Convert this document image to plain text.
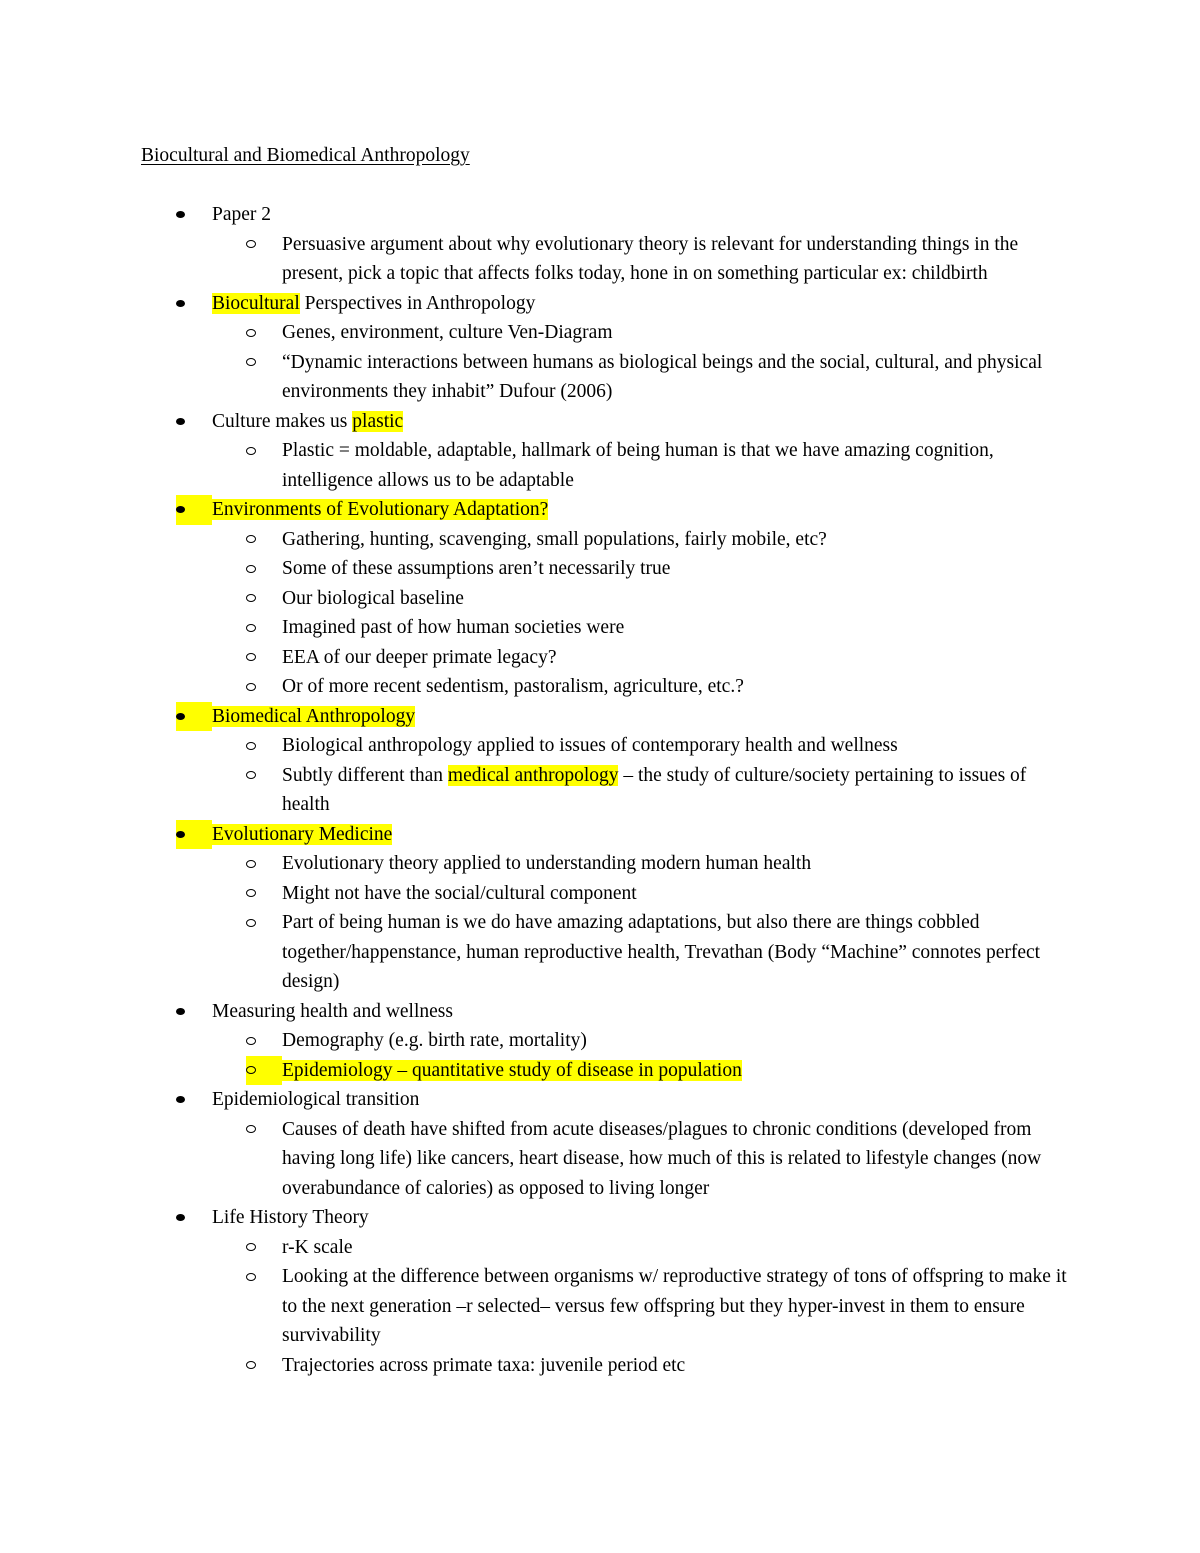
Biocultural and Biomedical Anthropology
Paper 2
Persuasive argument about why evolutionary theory is relevant for understanding things in the present, pick a topic that affects folks today, hone in on something particular ex: childbirth
Biocultural Perspectives in Anthropology
Genes, environment, culture Ven-Diagram
“Dynamic interactions between humans as biological beings and the social, cultural, and physical environments they inhabit” Dufour (2006)
Culture makes us plastic
Plastic = moldable, adaptable, hallmark of being human is that we have amazing cognition, intelligence allows us to be adaptable
Environments of Evolutionary Adaptation?
Gathering, hunting, scavenging, small populations, fairly mobile, etc?
Some of these assumptions aren’t necessarily true
Our biological baseline
Imagined past of how human societies were
EEA of our deeper primate legacy?
Or of more recent sedentism, pastoralism, agriculture, etc.?
Biomedical Anthropology
Biological anthropology applied to issues of contemporary health and wellness
Subtly different than medical anthropology – the study of culture/society pertaining to issues of health
Evolutionary Medicine
Evolutionary theory applied to understanding modern human health
Might not have the social/cultural component
Part of being human is we do have amazing adaptations, but also there are things cobbled together/happenstance, human reproductive health, Trevathan (Body “Machine” connotes perfect design)
Measuring health and wellness
Demography (e.g. birth rate, mortality)
Epidemiology – quantitative study of disease in population
Epidemiological transition
Causes of death have shifted from acute diseases/plagues to chronic conditions (developed from having long life) like cancers, heart disease, how much of this is related to lifestyle changes (now overabundance of calories) as opposed to living longer
Life History Theory
r-K scale
Looking at the difference between organisms w/ reproductive strategy of tons of offspring to make it to the next generation –r selected– versus few offspring but they hyper-invest in them to ensure survivability
Trajectories across primate taxa: juvenile period etc
